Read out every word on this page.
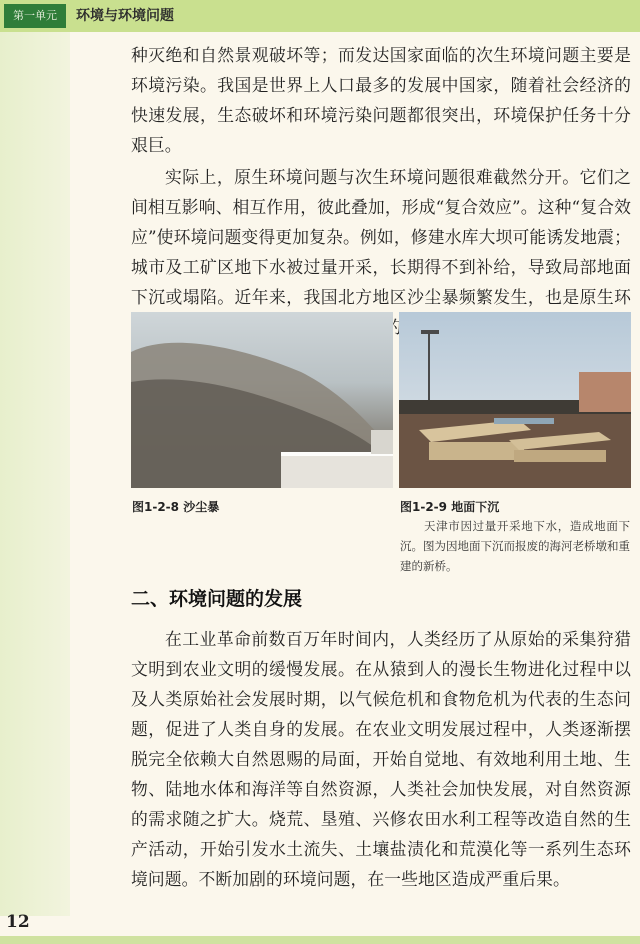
第一单元	环境与环境问题

种灭绝和自然景观破坏等；而发达国家面临的次生环境问题主要是环境污染。我国是世界上人口最多的发展中国家，随着社会经济的快速发展，生态破坏和环境污染问题都很突出，环境保护任务十分艰巨。

实际上，原生环境问题与次生环境问题很难截然分开。它们之间相互影响、相互作用，彼此叠加，形成“复合效应”。这种“复合效应”使环境问题变得更加复杂。例如，修建水库大坝可能诱发地震；城市及工矿区地下水被过量开采，长期得不到补给，导致局部地面下沉或塌陷。近年来，我国北方地区沙尘暴频繁发生，也是原生环 的

图1-2-8 沙尘暴	图1-2-9 地面下沉

天津市因过量开采地下水，造成地面下沉。图为因地面下沉而报废的海河老桥墩和重建的新桥。

二、环境问题的发展

在工业革命前数百万年时间内，人类经历了从原始的采集狩猎文明到农业文明的缓慢发展。在从猿到人的漫长生物进化过程中以及人类原始社会发展时期，以气候危机和食物危机为代表的生态问题，促进了人类自身的发展。在农业文明发展过程中，人类逐渐摆脱完全依赖大自然恩赐的局面，开始自觉地、有效地利用土地、生物、陆地水体和海洋等自然资源，人类社会加快发展，对自然资源的需求随之扩大。烧荒、垦殖、兴修农田水利工程等改造自然的生产活动，开始引发水土流失、土壤盐渍化和荒漠化等一系列生态环境问题。不断加剧的环境问题，在一些地区造成严重后果。

12
